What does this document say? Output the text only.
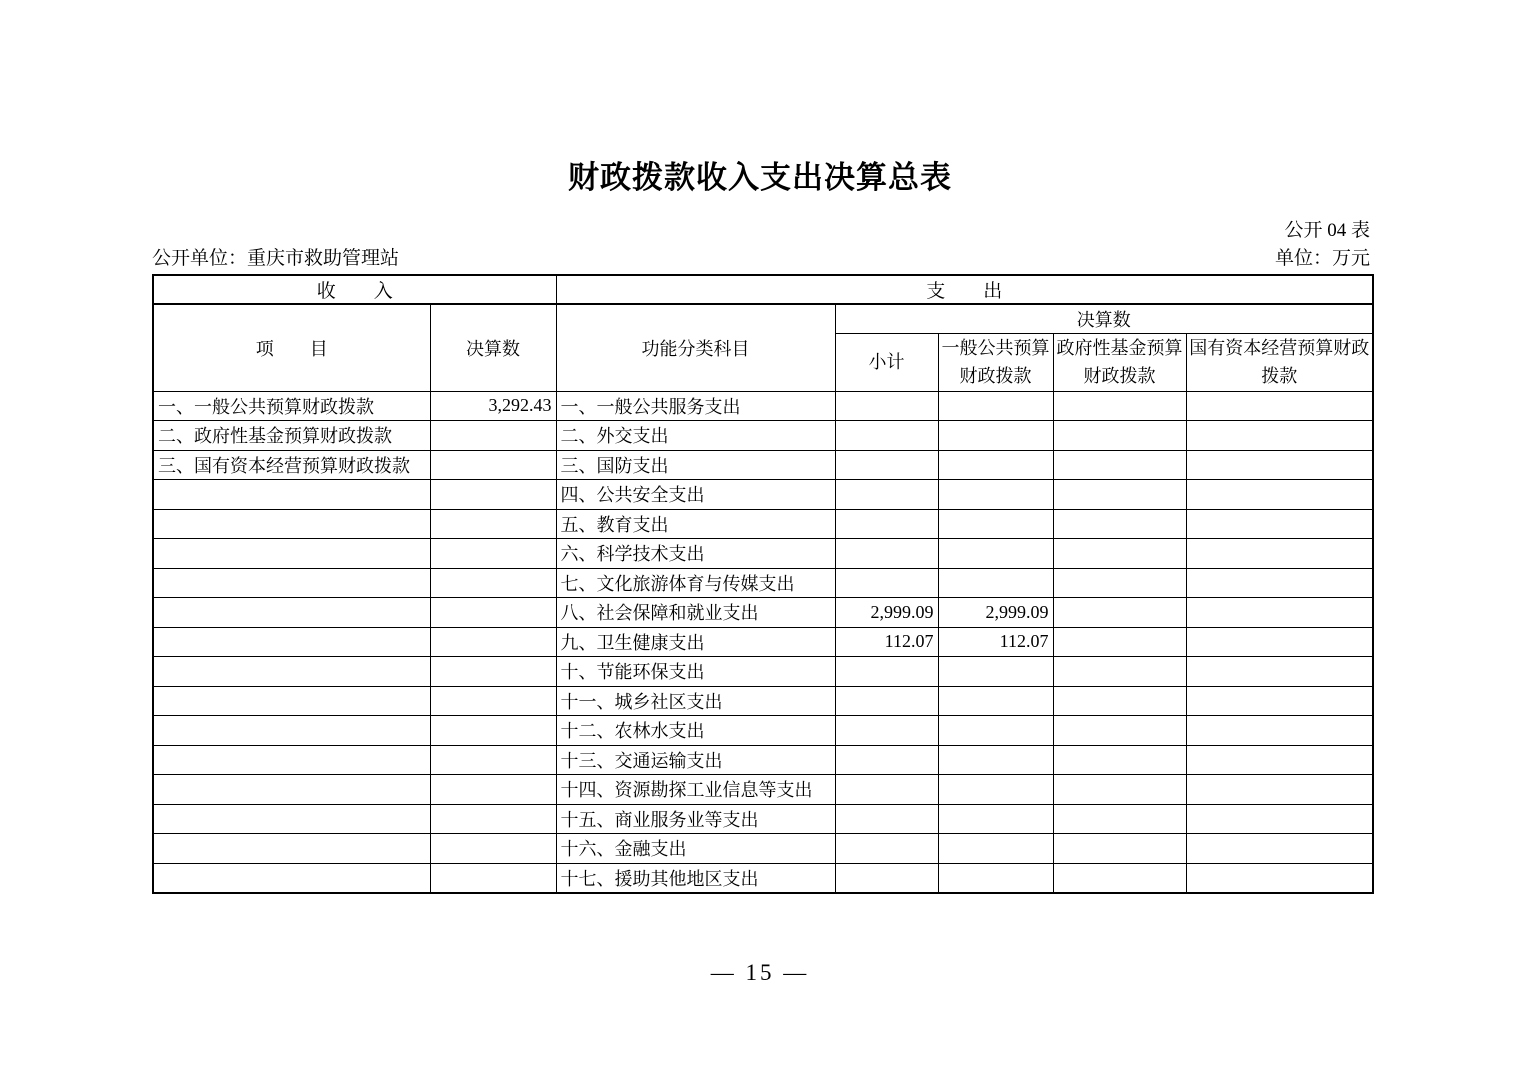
财政拨款收入支出决算总表
公开 04 表
公开单位：重庆市救助管理站	单位：万元
收　　入		支　　出				
项　　目	决算数	功能分类科目	决算数			
			小计	一般公共预算财政拨款	政府性基金预算财政拨款	国有资本经营预算财政拨款
一、一般公共预算财政拨款	3,292.43	一、一般公共服务支出				
二、政府性基金预算财政拨款		二、外交支出				
三、国有资本经营预算财政拨款		三、国防支出				
		四、公共安全支出				
		五、教育支出				
		六、科学技术支出				
		七、文化旅游体育与传媒支出				
		八、社会保障和就业支出	2,999.09	2,999.09		
		九、卫生健康支出	112.07	112.07		
		十、节能环保支出				
		十一、城乡社区支出				
		十二、农林水支出				
		十三、交通运输支出				
		十四、资源勘探工业信息等支出				
		十五、商业服务业等支出				
		十六、金融支出				
		十七、援助其他地区支出				
— 15 —
